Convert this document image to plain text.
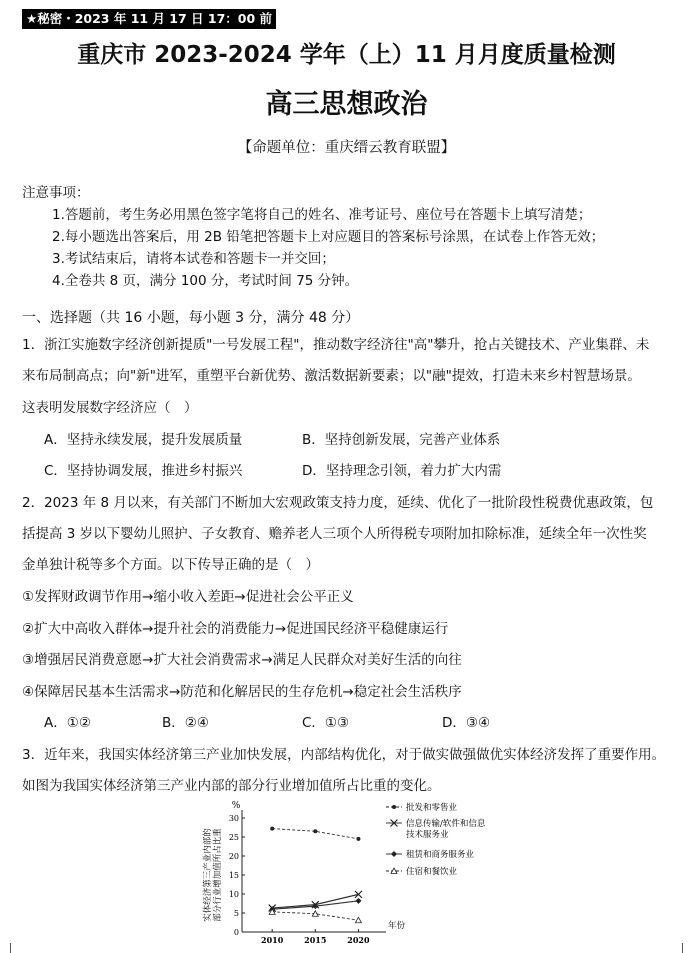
★秘密・2023 年 11 月 17 日 17：00 前
重庆市 2023-2024 学年（上）11 月月度质量检测
高三思想政治
【命题单位：重庆缙云教育联盟】
注意事项：
1.答题前，考生务必用黑色签字笔将自己的姓名、准考证号、座位号在答题卡上填写清楚；
2.每小题选出答案后，用 2B 铅笔把答题卡上对应题目的答案标号涂黑，在试卷上作答无效；
3.考试结束后，请将本试卷和答题卡一并交回；
4.全卷共 8 页，满分 100 分，考试时间 75 分钟。
一、选择题（共 16 小题，每小题 3 分，满分 48 分）
1．浙江实施数字经济创新提质"一号发展工程"，推动数字经济往"高"攀升，抢占关键技术、产业集群、未
来布局制高点；向"新"进军，重塑平台新优势、激活数据新要素；以"融"提效，打造未来乡村智慧场景。
这表明发展数字经济应（　）
A．坚持永续发展，提升发展质量	B．坚持创新发展，完善产业体系
C．坚持协调发展，推进乡村振兴	D．坚持理念引领，着力扩大内需
2．2023 年 8 月以来，有关部门不断加大宏观政策支持力度，延续、优化了一批阶段性税费优惠政策，包
括提高 3 岁以下婴幼儿照护、子女教育、赡养老人三项个人所得税专项附加扣除标准，延续全年一次性奖
金单独计税等多个方面。以下传导正确的是（　）
①发挥财政调节作用→缩小收入差距→促进社会公平正义
②扩大中高收入群体→提升社会的消费能力→促进国民经济平稳健康运行
③增强居民消费意愿→扩大社会消费需求→满足人民群众对美好生活的向往
④保障居民基本生活需求→防范和化解居民的生存危机→稳定社会生活秩序
A．①②	B．②④	C．①③	D．③④
3．近年来，我国实体经济第三产业加快发展，内部结构优化，对于做实做强做优实体经济发挥了重要作用。
如图为我国实体经济第三产业内部的部分行业增加值所占比重的变化。
%
0
5
10
15
20
25
30
2010	2015	2020
年份
实体经济第三产业内部的 部分行业增加值所占比重
批发和零售业
信息传输/软件和信息
技术服务业
租赁和商务服务业
住宿和餐饮业
